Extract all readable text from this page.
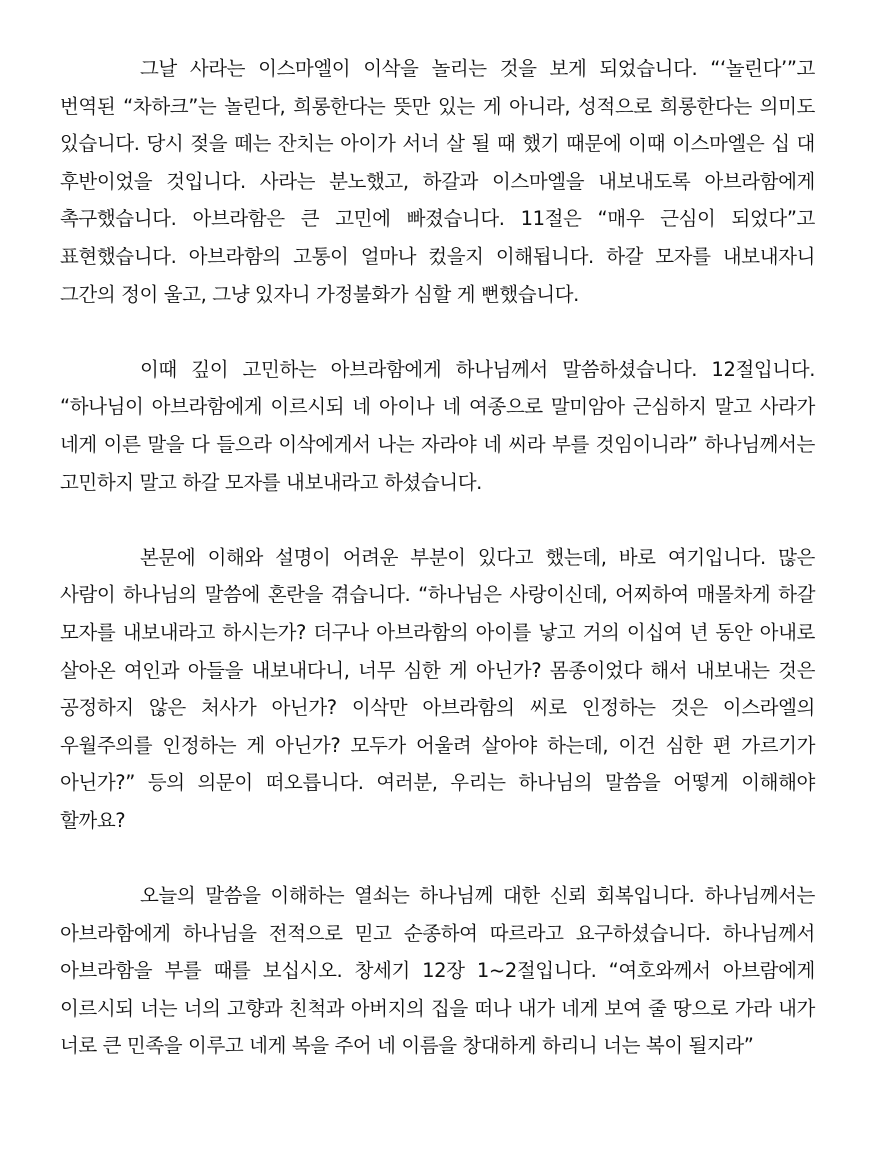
그날 사라는 이스마엘이 이삭을 놀리는 것을 보게 되었습니다. “‘놀린다’”고 번역된 “차하크”는 놀린다, 희롱한다는 뜻만 있는 게 아니라, 성적으로 희롱한다는 의미도 있습니다. 당시 젖을 떼는 잔치는 아이가 서너 살 될 때 했기 때문에 이때 이스마엘은 십 대 후반이었을 것입니다. 사라는 분노했고, 하갈과 이스마엘을 내보내도록 아브라함에게 촉구했습니다. 아브라함은 큰 고민에 빠졌습니다. 11절은 “매우 근심이 되었다”고 표현했습니다. 아브라함의 고통이 얼마나 컸을지 이해됩니다. 하갈 모자를 내보내자니 그간의 정이 울고, 그냥 있자니 가정불화가 심할 게 뻔했습니다.

이때 깊이 고민하는 아브라함에게 하나님께서 말씀하셨습니다. 12절입니다. “하나님이 아브라함에게 이르시되 네 아이나 네 여종으로 말미암아 근심하지 말고 사라가 네게 이른 말을 다 들으라 이삭에게서 나는 자라야 네 씨라 부를 것임이니라” 하나님께서는 고민하지 말고 하갈 모자를 내보내라고 하셨습니다.

본문에 이해와 설명이 어려운 부분이 있다고 했는데, 바로 여기입니다. 많은 사람이 하나님의 말씀에 혼란을 겪습니다. “하나님은 사랑이신데, 어찌하여 매몰차게 하갈 모자를 내보내라고 하시는가? 더구나 아브라함의 아이를 낳고 거의 이십여 년 동안 아내로 살아온 여인과 아들을 내보내다니, 너무 심한 게 아닌가? 몸종이었다 해서 내보내는 것은 공정하지 않은 처사가 아닌가? 이삭만 아브라함의 씨로 인정하는 것은 이스라엘의 우월주의를 인정하는 게 아닌가? 모두가 어울려 살아야 하는데, 이건 심한 편 가르기가 아닌가?” 등의 의문이 떠오릅니다. 여러분, 우리는 하나님의 말씀을 어떻게 이해해야 할까요?

오늘의 말씀을 이해하는 열쇠는 하나님께 대한 신뢰 회복입니다. 하나님께서는 아브라함에게 하나님을 전적으로 믿고 순종하여 따르라고 요구하셨습니다. 하나님께서 아브라함을 부를 때를 보십시오. 창세기 12장 1~2절입니다. “여호와께서 아브람에게 이르시되 너는 너의 고향과 친척과 아버지의 집을 떠나 내가 네게 보여 줄 땅으로 가라 내가 너로 큰 민족을 이루고 네게 복을 주어 네 이름을 창대하게 하리니 너는 복이 될지라”
